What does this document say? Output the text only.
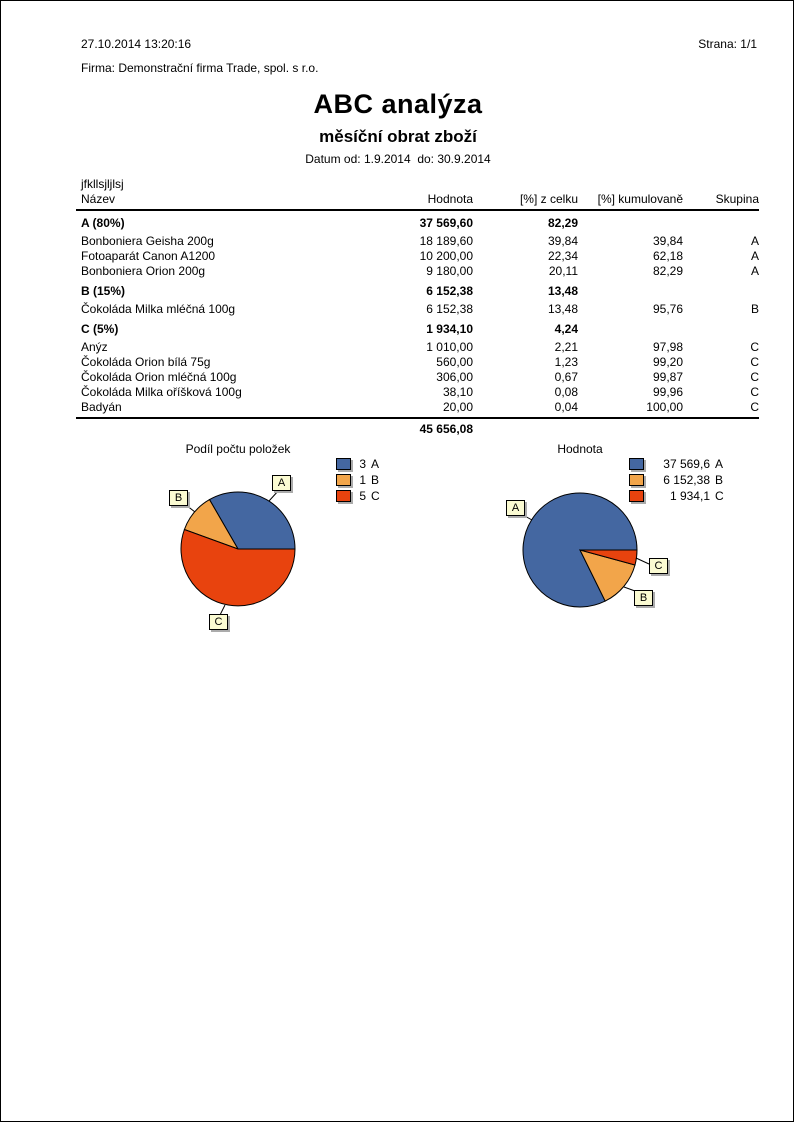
27.10.2014 13:20:16	Strana: 1/1
Firma: Demonstrační firma Trade, spol. s r.o.
ABC analýza
měsíční obrat zboží
Datum od: 1.9.2014  do: 30.9.2014
jfkllsjljlsj
Název	Hodnota	[%] z celku	[%] kumulovaně	Skupina
A (80%)	37 569,60	82,29
Bonboniera Geisha 200g	18 189,60	39,84	39,84	A
Fotoaparát Canon A1200	10 200,00	22,34	62,18	A
Bonboniera Orion 200g	9 180,00	20,11	82,29	A
B (15%)	6 152,38	13,48
Čokoláda Milka mléčná 100g	6 152,38	13,48	95,76	B
C (5%)	1 934,10	4,24
Anýz	1 010,00	2,21	97,98	C
Čokoláda Orion bílá 75g	560,00	1,23	99,20	C
Čokoláda Orion mléčná 100g	306,00	0,67	99,87	C
Čokoláda Milka oříšková 100g	38,10	0,08	99,96	C
Badyán	20,00	0,04	100,00	C
45 656,08
Podíl počtu položek
A
B
C
3 A
1 B
5 C
Hodnota
A
C
B
37 569,6 A
6 152,38 B
1 934,1 C
